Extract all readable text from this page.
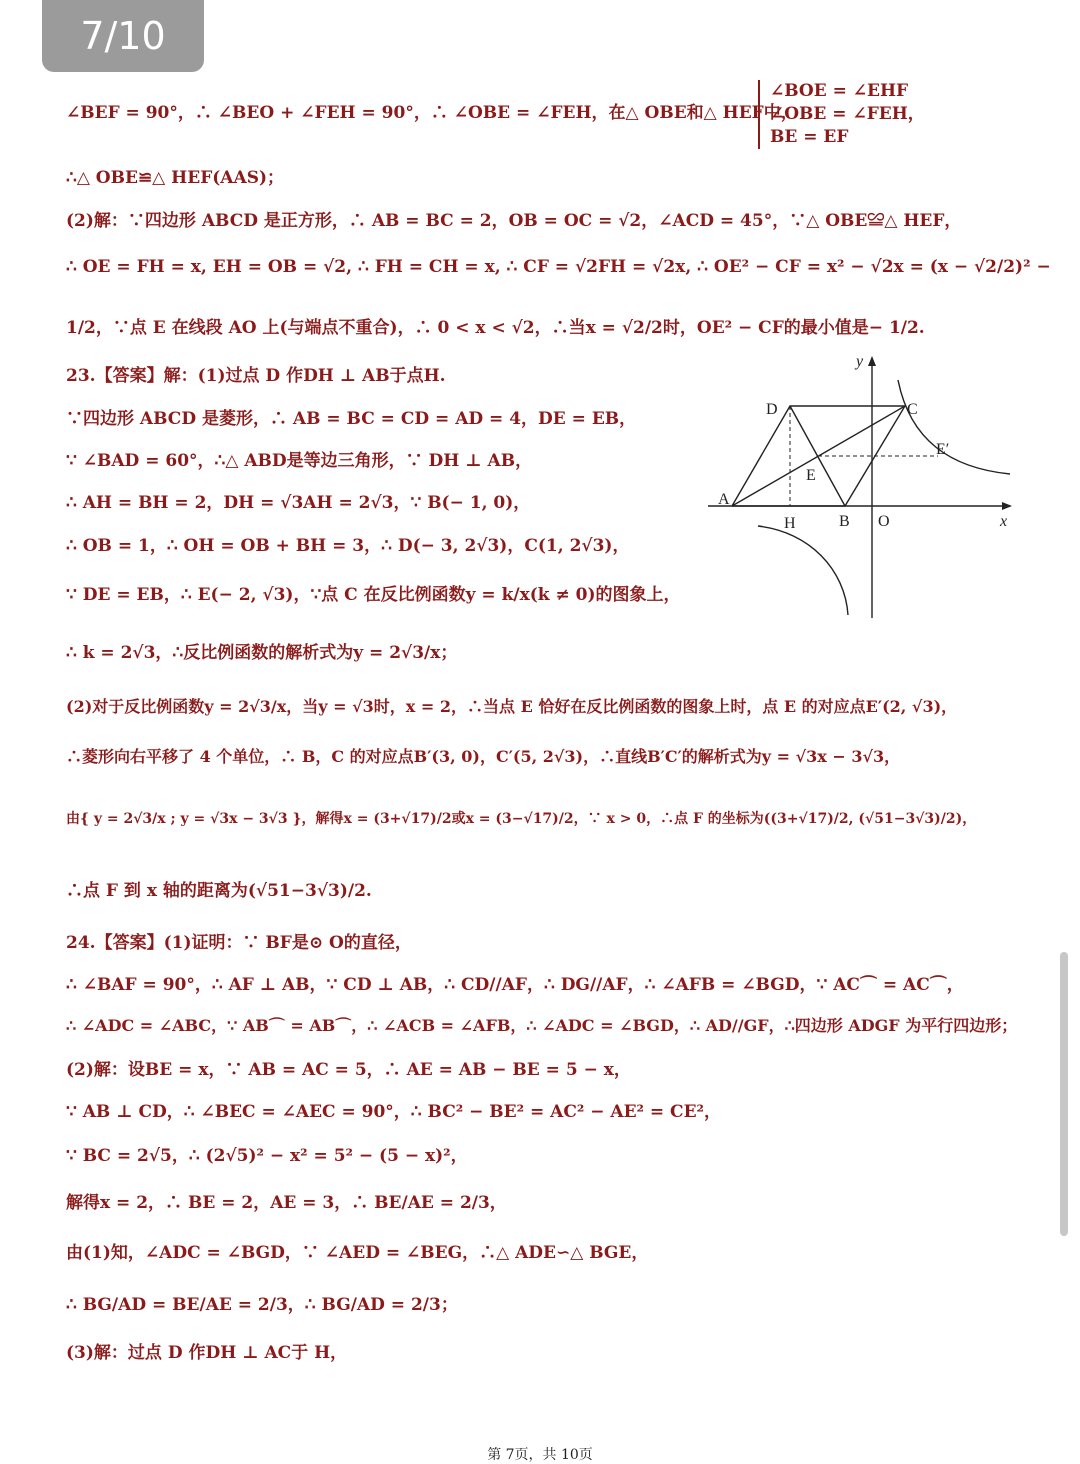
7/10
∠BEF = 90°，∴ ∠BEO + ∠FEH = 90°，∴ ∠OBE = ∠FEH，在△ OBE和△ HEF中，
∠BOE = ∠EHF
∠OBE = ∠FEH，
BE = EF
∴△ OBE≌△ HEF(AAS)；
(2)解：∵四边形 ABCD 是正方形，∴ AB = BC = 2，OB = OC = √2，∠ACD = 45°，∵△ OBE≌△ HEF，
∴ OE = FH = x, EH = OB = √2, ∴ FH = CH = x, ∴ CF = √2FH = √2x, ∴ OE² − CF = x² − √2x = (x − √2/2)² −
1/2，∵点 E 在线段 AO 上(与端点不重合)，∴ 0 < x < √2，∴当x = √2/2时，OE² − CF的最小值是− 1/2.
23.【答案】解：(1)过点 D 作DH ⊥ AB于点H.
∵四边形 ABCD 是菱形，∴ AB = BC = CD = AD = 4，DE = EB，
∵ ∠BAD = 60°，∴△ ABD是等边三角形，∵ DH ⊥ AB，
∴ AH = BH = 2，DH = √3AH = 2√3，∵ B(− 1, 0)，
∴ OB = 1，∴ OH = OB + BH = 3，∴ D(− 3, 2√3)，C(1, 2√3)，
∵ DE = EB，∴ E(− 2, √3)，∵点 C 在反比例函数y = k/x(k ≠ 0)的图象上，
∴ k = 2√3，∴反比例函数的解析式为y = 2√3/x；
(2)对于反比例函数y = 2√3/x，当y = √3时，x = 2，∴当点 E 恰好在反比例函数的图象上时，点 E 的对应点E′(2, √3)，
∴菱形向右平移了 4 个单位，∴ B，C 的对应点B′(3, 0)，C′(5, 2√3)，∴直线B′C′的解析式为y = √3x − 3√3，
由{ y = 2√3/x ; y = √3x − 3√3 }，解得x = (3+√17)/2或x = (3−√17)/2，∵ x > 0，∴点 F 的坐标为((3+√17)/2, (√51−3√3)/2)，
∴点 F 到 x 轴的距离为(√51−3√3)/2.
24.【答案】(1)证明：∵ BF是⊙ O的直径，
∴ ∠BAF = 90°，∴ AF ⊥ AB，∵ CD ⊥ AB，∴ CD//AF，∴ DG//AF，∴ ∠AFB = ∠BGD，∵ AC⌒ = AC⌒，
∴ ∠ADC = ∠ABC，∵ AB⌒ = AB⌒，∴ ∠ACB = ∠AFB，∴ ∠ADC = ∠BGD，∴ AD//GF，∴四边形 ADGF 为平行四边形；
(2)解：设BE = x，∵ AB = AC = 5，∴ AE = AB − BE = 5 − x，
∵ AB ⊥ CD，∴ ∠BEC = ∠AEC = 90°，∴ BC² − BE² = AC² − AE² = CE²，
∵ BC = 2√5，∴ (2√5)² − x² = 5² − (5 − x)²，
解得x = 2，∴ BE = 2，AE = 3，∴ BE/AE = 2/3，
由(1)知，∠ADC = ∠BGD，∵ ∠AED = ∠BEG，∴△ ADE∽△ BGE，
∴ BG/AD = BE/AE = 2/3，∴ BG/AD = 2/3；
(3)解：过点 D 作DH ⊥ AC于 H，
D	C
E′
E
A
H	B O	x
y
第 7页，共 10页
